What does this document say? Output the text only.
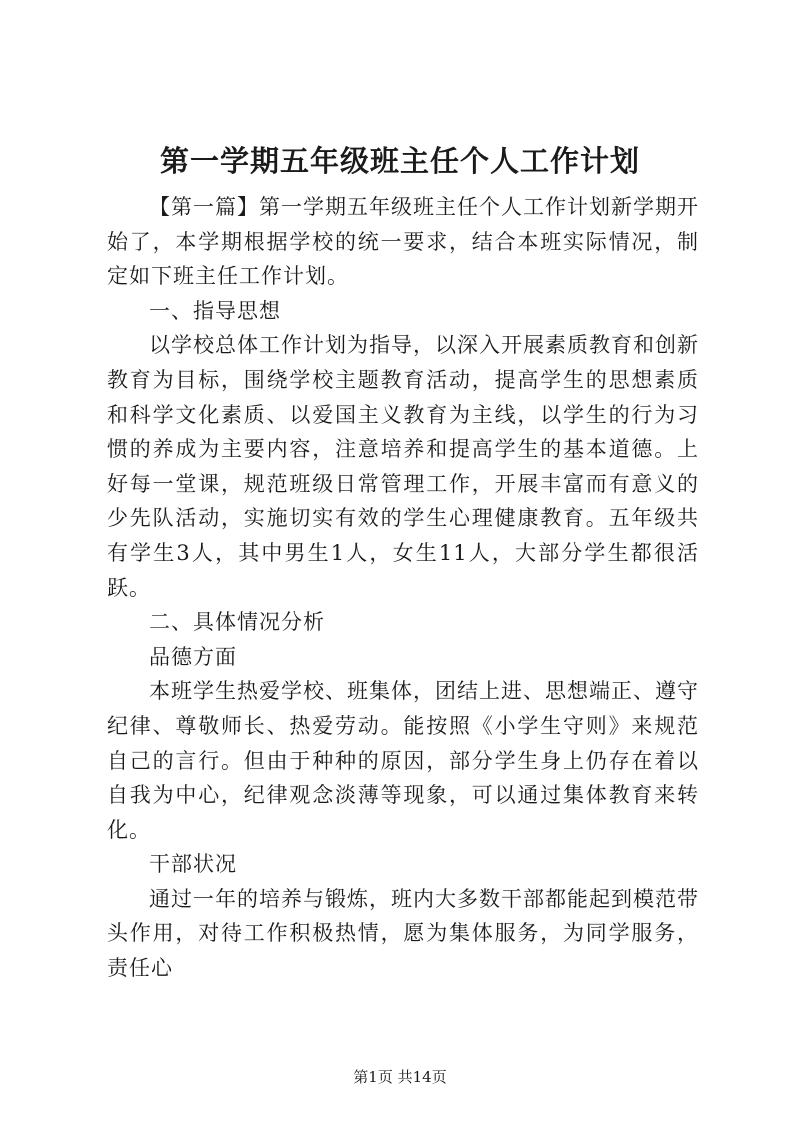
第一学期五年级班主任个人工作计划

【第一篇】第一学期五年级班主任个人工作计划新学期开始了，本学期根据学校的统一要求，结合本班实际情况，制定如下班主任工作计划。

一、指导思想

以学校总体工作计划为指导，以深入开展素质教育和创新教育为目标，围绕学校主题教育活动，提高学生的思想素质和科学文化素质、以爱国主义教育为主线，以学生的行为习惯的养成为主要内容，注意培养和提高学生的基本道德。上好每一堂课，规范班级日常管理工作，开展丰富而有意义的少先队活动，实施切实有效的学生心理健康教育。五年级共有学生3人，其中男生1人，女生11人，大部分学生都很活跃。

二、具体情况分析

品德方面

本班学生热爱学校、班集体，团结上进、思想端正、遵守纪律、尊敬师长、热爱劳动。能按照《小学生守则》来规范自己的言行。但由于种种的原因，部分学生身上仍存在着以自我为中心，纪律观念淡薄等现象，可以通过集体教育来转化。

干部状况

通过一年的培养与锻炼，班内大多数干部都能起到模范带头作用，对待工作积极热情，愿为集体服务，为同学服务，责任心

第1页 共14页
